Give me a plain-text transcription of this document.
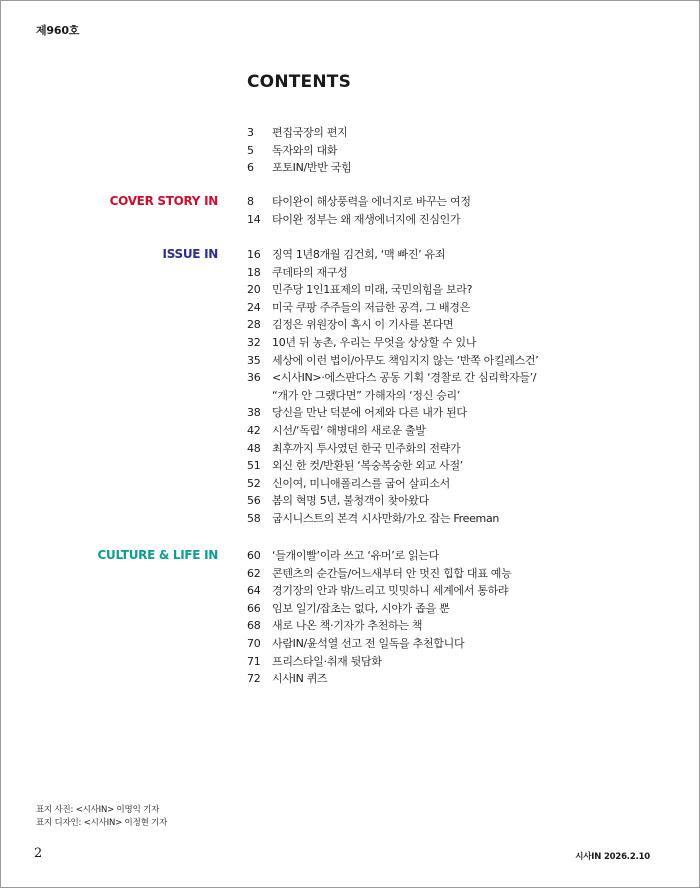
제960호
CONTENTS
3	편집국장의 편지
5	독자와의 대화
6	포토IN/반반 국힘
COVER STORY IN	8	타이완이 해상풍력을 에너지로 바꾸는 여정
14	타이완 정부는 왜 재생에너지에 진심인가
ISSUE IN	16	징역 1년8개월 김건희, ‘맥 빠진’ 유죄
18	쿠데타의 재구성
20	민주당 1인1표제의 미래, 국민의힘을 보라?
24	미국 쿠팡 주주들의 저급한 공격, 그 배경은
28	김정은 위원장이 혹시 이 기사를 본다면
32	10년 뒤 농촌, 우리는 무엇을 상상할 수 있나
35	세상에 이런 법이/아무도 책임지지 않는 ‘반쪽 아킬레스건’
36	<시사IN>·에스판다스 공동 기획 ‘경찰로 간 심리학자들’/
“개가 안 그랬다면” 가해자의 ‘정신 승리’
38	당신을 만난 덕분에 어제와 다른 내가 된다
42	시선/‘독립’ 해병대의 새로운 출발
48	최후까지 투사였던 한국 민주화의 전략가
51	외신 한 컷/반환된 ‘복숭복숭한 외교 사절’
52	신이여, 미니애폴리스를 굽어 살피소서
56	봄의 혁명 5년, 불청객이 찾아왔다
58	굽시니스트의 본격 시사만화/가오 잡는 Freeman
CULTURE & LIFE IN	60	‘들개이빨’이라 쓰고 ‘유머’로 읽는다
62	콘텐츠의 순간들/어느새부터 안 멋진 힙합 대표 예능
64	경기장의 안과 밖/느리고 밋밋하니 세계에서 통하랴
66	임보 일기/잡초는 없다, 시야가 좁을 뿐
68	새로 나온 책·기자가 추천하는 책
70	사람IN/윤석열 선고 전 일독을 추천합니다
71	프리스타일·취재 뒷담화
72	시사IN 퀴즈
표지 사진: <시사IN> 이명익 기자
표지 디자인: <시사IN> 이정현 기자
2	시사IN 2026.2.10
